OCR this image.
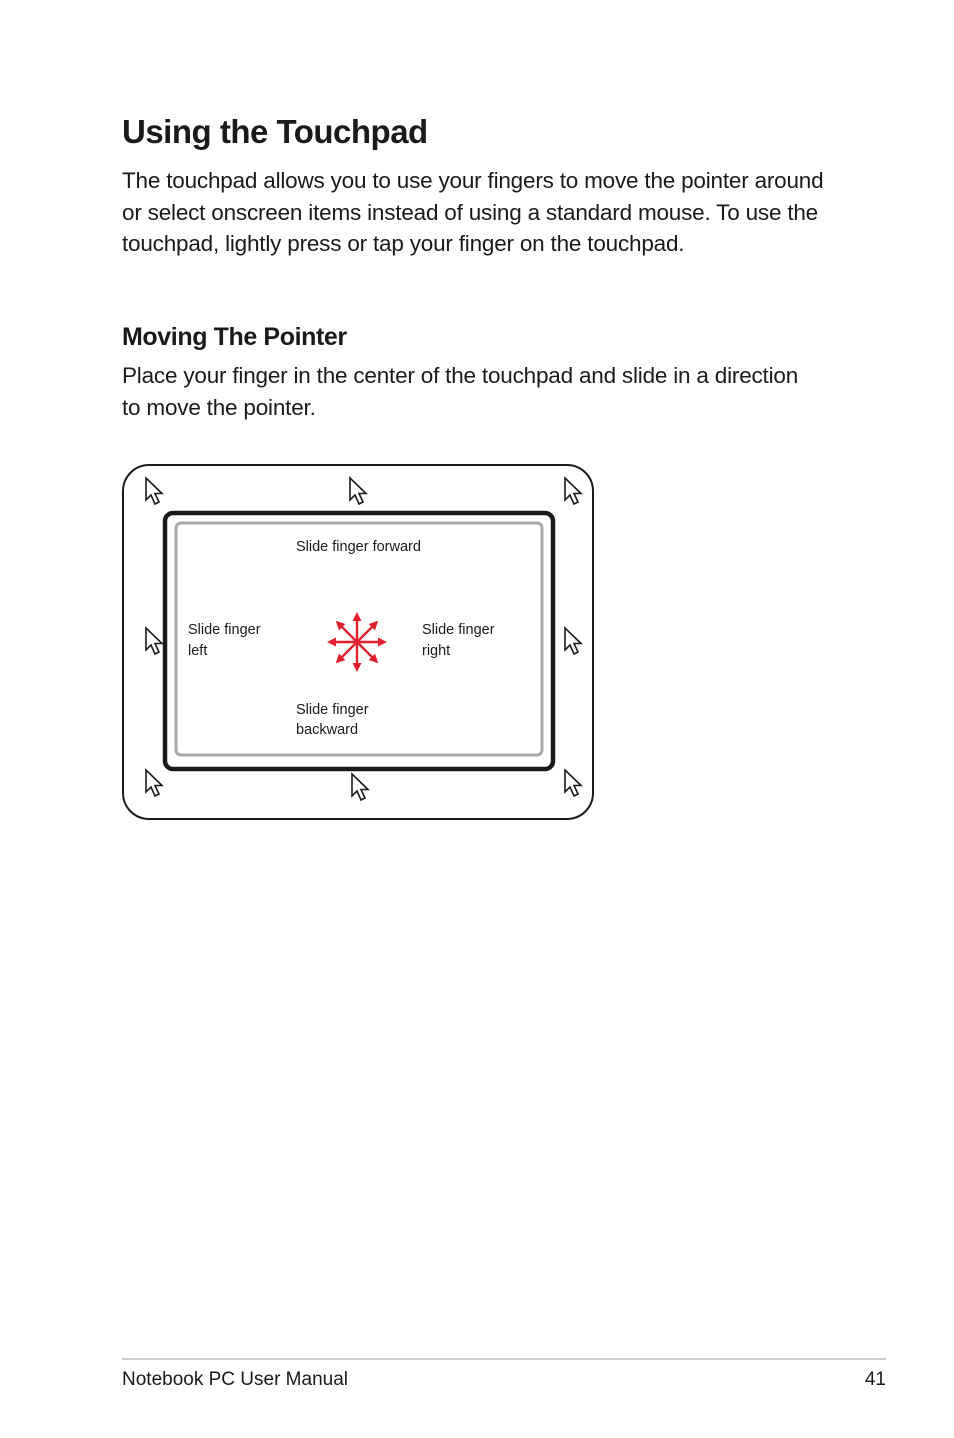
Using the Touchpad

The touchpad allows you to use your fingers to move the pointer around or select onscreen items instead of using a standard mouse. To use the touchpad, lightly press or tap your finger on the touchpad.

Moving The Pointer

Place your finger in the center of the touchpad and slide in a direction to move the pointer.

Slide finger forward
Slide finger
left
Slide finger
right
Slide finger
backward
Notebook PC User Manual	41
